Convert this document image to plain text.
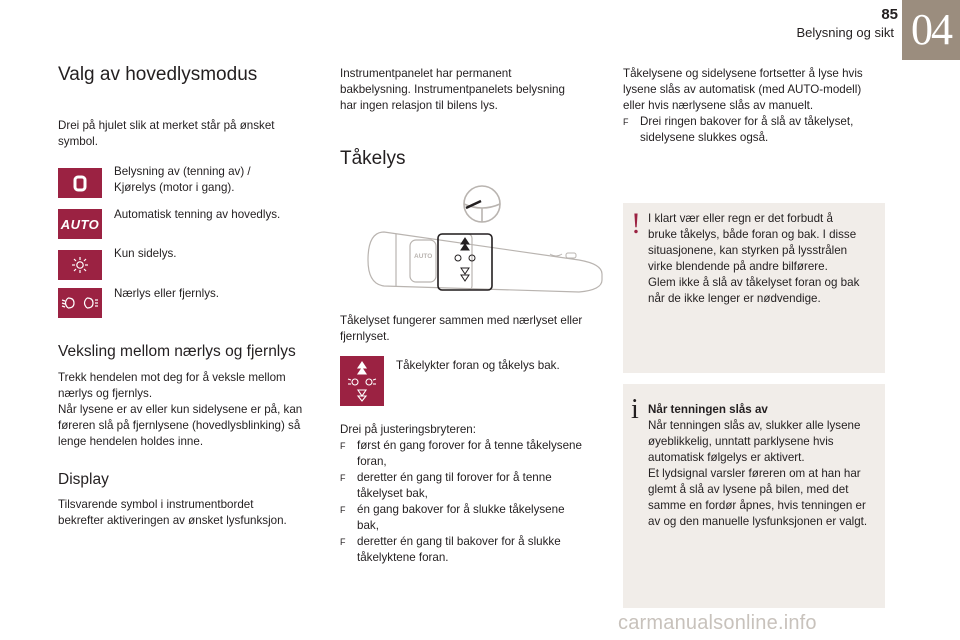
85
Belysning og sikt 04
Valg av hovedlysmodus
Drei på hjulet slik at merket står på ønsket symbol.
Belysning av (tenning av) /
Kjørelys (motor i gang).
AUTO
Automatisk tenning av hovedlys.
Kun sidelys.
Nærlys eller fjernlys.
Veksling mellom nærlys og fjernlys
Trekk hendelen mot deg for å veksle mellom
nærlys og fjernlys.
Når lysene er av eller kun sidelysene er på, kan
føreren slå på fjernlysene (hovedlysblinking) så
lenge hendelen holdes inne.
Display
Tilsvarende symbol i instrumentbordet
bekrefter aktiveringen av ønsket lysfunksjon.
Instrumentpanelet har permanent
bakbelysning. Instrumentpanelets belysning
har ingen relasjon til bilens lys.
Tåkelys
AUTO
Tåkelyset fungerer sammen med nærlyset eller
fjernlyset.
Tåkelykter foran og tåkelys bak.
Drei på justeringsbryteren:
F først én gang forover for å tenne tåkelysene
foran,
F deretter én gang til forover for å tenne
tåkelyset bak,
F én gang bakover for å slukke tåkelysene
bak,
F deretter én gang til bakover for å slukke
tåkelyktene foran.
Tåkelysene og sidelysene fortsetter å lyse hvis
lysene slås av automatisk (med AUTO-modell)
eller hvis nærlysene slås av manuelt.
F Drei ringen bakover for å slå av tåkelyset,
sidelysene slukkes også.
! I klart vær eller regn er det forbudt å
bruke tåkelys, både foran og bak. I disse
situasjonene, kan styrken på lysstrålen
virke blendende på andre bilførere.
Glem ikke å slå av tåkelyset foran og bak
når de ikke lenger er nødvendige.
i Når tenningen slås av
Når tenningen slås av, slukker alle lysene
øyeblikkelig, unntatt parklysene hvis
automatisk følgelys er aktivert.
Et lydsignal varsler føreren om at han har
glemt å slå av lysene på bilen, med det
samme en fordør åpnes, hvis tenningen er
av og den manuelle lysfunksjonen er valgt.
carmanualsonline.info
